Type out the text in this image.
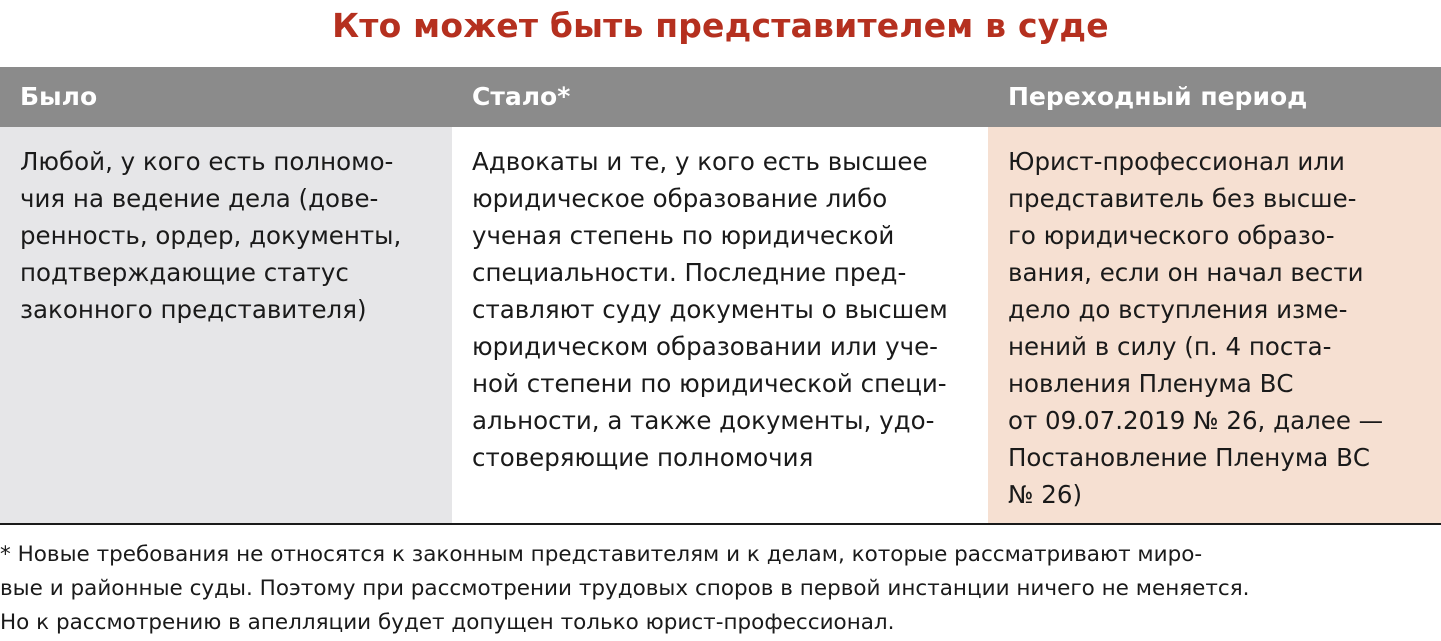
Кто может быть представителем в суде
Было	Стало*	Переходный период
Любой, у кого есть полномо-
чия на ведение дела (дове-
ренность, ордер, документы,
подтверждающие статус
законного представителя)
Адвокаты и те, у кого есть высшее
юридическое образование либо
ученая степень по юридической
специальности. Последние пред-
ставляют суду документы о высшем
юридическом образовании или уче-
ной степени по юридической специ-
альности, а также документы, удо-
стоверяющие полномочия
Юрист-профессионал или
представитель без высше-
го юридического образо-
вания, если он начал вести
дело до вступления изме-
нений в силу (п. 4 поста-
новления Пленума ВС
от 09.07.2019 № 26, далее —
Постановление Пленума ВС
№ 26)
* Новые требования не относятся к законным представителям и к делам, которые рассматривают миро-
вые и районные суды. Поэтому при рассмотрении трудовых споров в первой инстанции ничего не меняется.
Но к рассмотрению в апелляции будет допущен только юрист-профессионал.
